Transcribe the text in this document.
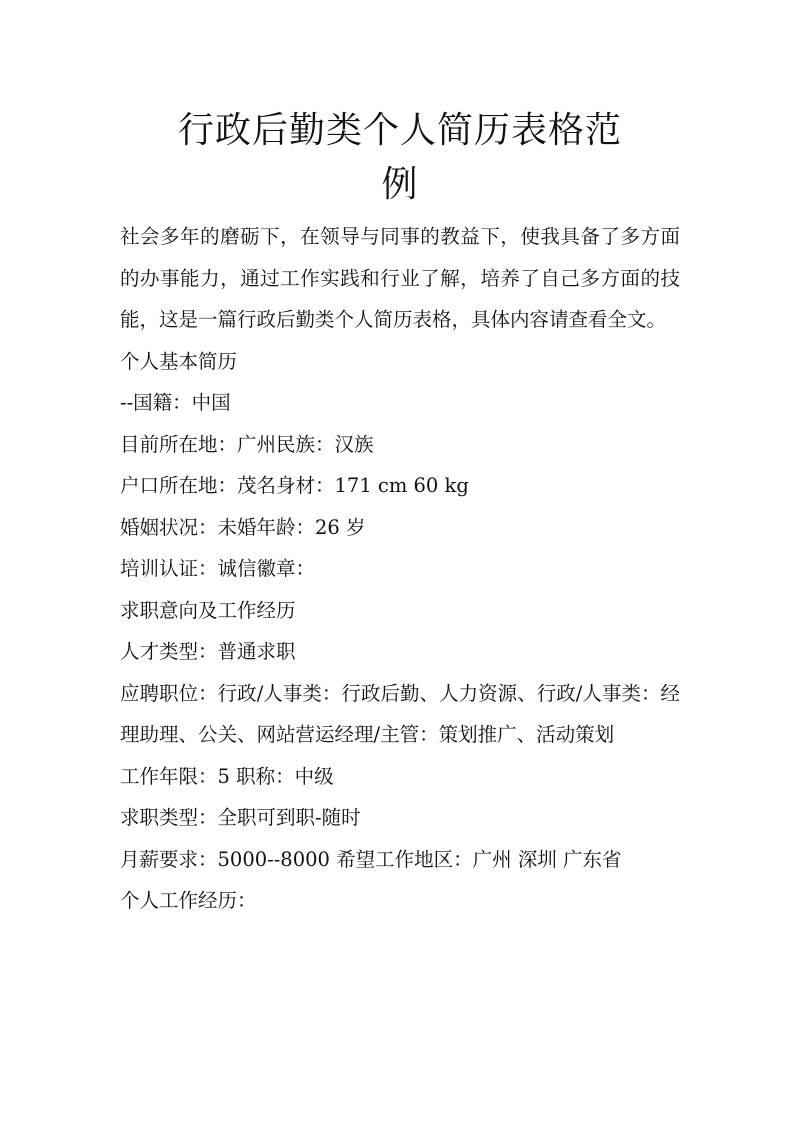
行政后勤类个人简历表格范
例

社会多年的磨砺下，在领导与同事的教益下，使我具备了多方面的办事能力，通过工作实践和行业了解，培养了自己多方面的技能，这是一篇行政后勤类个人简历表格，具体内容请查看全文。

个人基本简历

--国籍：中国

目前所在地：广州民族：汉族

户口所在地：茂名身材：171 cm 60 kg

婚姻状况：未婚年龄：26 岁

培训认证：诚信徽章：

求职意向及工作经历

人才类型：普通求职

应聘职位：行政/人事类：行政后勤、人力资源、行政/人事类：经理助理、公关、网站营运经理/主管：策划推广、活动策划

工作年限：5 职称：中级

求职类型：全职可到职-随时

月薪要求：5000--8000 希望工作地区：广州 深圳 广东省

个人工作经历：
